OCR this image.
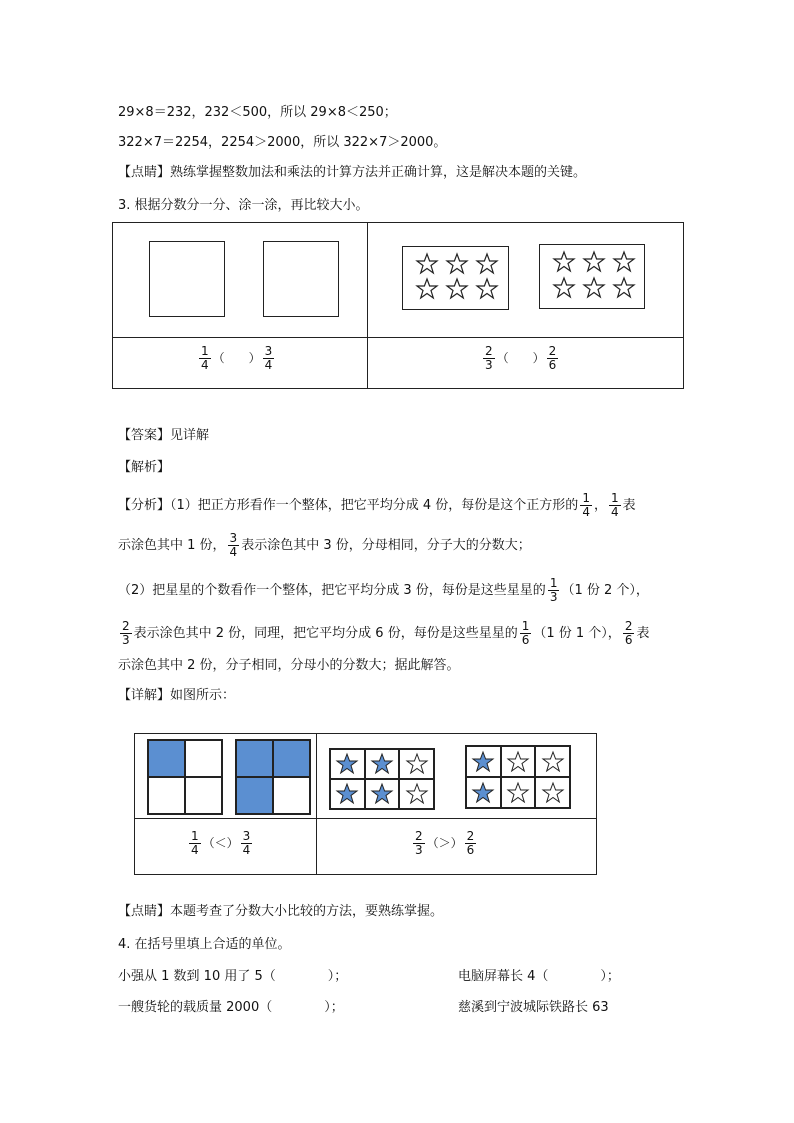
29×8＝232，232＜500，所以 29×8＜250；
322×7＝2254，2254＞2000，所以 322×7＞2000。
【点睛】熟练掌握整数加法和乘法的计算方法并正确计算，这是解决本题的关键。
3. 根据分数分一分、涂一涂，再比较大小。
$\frac{1}{4}$ （　　） $\frac{3}{4}$	$\frac{2}{3}$ （　　） $\frac{2}{6}$
【答案】见详解
【解析】
【分析】（1）把正方形看作一个整体，把它平均分成 4 份，每份是这个正方形的 $\frac{1}{4}$ ， $\frac{1}{4}$ 表
示涂色其中 1 份， $\frac{3}{4}$ 表示涂色其中 3 份，分母相同，分子大的分数大；
（2）把星星的个数看作一个整体，把它平均分成 3 份，每份是这些星星的 $\frac{1}{3} (1$ 份 2 个），
$\frac{2}{3}$ 表示涂色其中 2 份，同理，把它平均分成 6 份，每份是这些星星的 $\frac{1}{6} (1$ 份 1 个）， $\frac{2}{6}$ 表
示涂色其中 2 份，分子相同，分母小的分数大；据此解答。
【详解】如图所示：
$\frac{1}{4}$ （＜） $\frac{3}{4}$	$\frac{2}{3}$ （＞） $\frac{2}{6}$
【点睛】本题考查了分数大小比较的方法，要熟练掌握。
4. 在括号里填上合适的单位。
小强从 1 数到 10 用了 5（　　　　）；	电脑屏幕长 4（　　　　）；
一艘货轮的载质量 2000（　　　　）；	慈溪到宁波城际铁路长 63
